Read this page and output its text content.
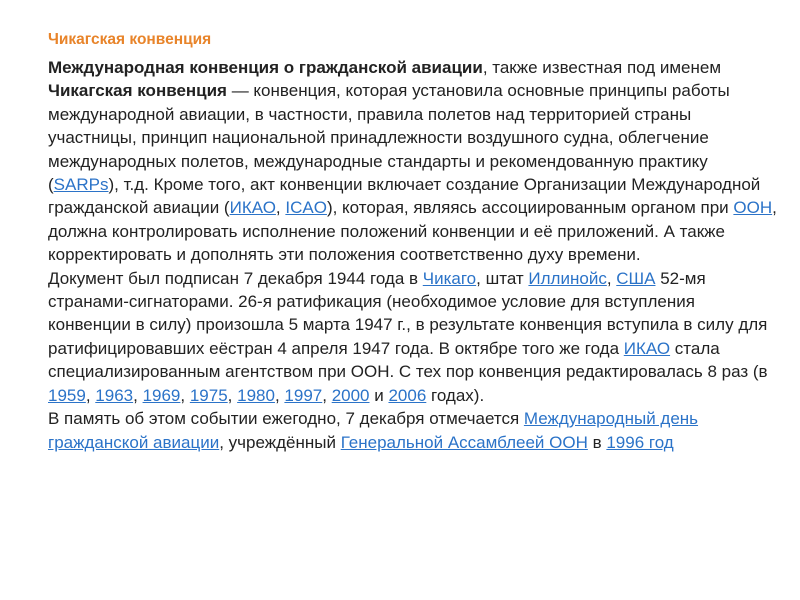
Чикагская конвенция

Международная конвенция о гражданской авиации, также известная под именем Чикагская конвенция — конвенция, которая установила основные принципы работы международной авиации, в частности, правила полетов над территорией страны участницы, принцип национальной принадлежности воздушного судна, облегчение международных полетов, международные стандарты и рекомендованную практику (SARPs), т.д. Кроме того, акт конвенции включает создание Организации Международной гражданской авиации (ИКАО, ICAO), которая, являясь ассоциированным органом при ООН, должна контролировать исполнение положений конвенции и её приложений. А также корректировать и дополнять эти положения соответственно духу времени.

Документ был подписан 7 декабря 1944 года в Чикаго, штат Иллинойс, США 52-мя странами-сигнаторами. 26-я ратификация (необходимое условие для вступления конвенции в силу) произошла 5 марта 1947 г., в результате конвенция вступила в силу для ратифицировавших еёстран 4 апреля 1947 года. В октябре того же года ИКАО стала специализированным агентством при ООН. С тех пор конвенция редактировалась 8 раз (в 1959, 1963, 1969, 1975, 1980, 1997, 2000 и 2006 годах).

В память об этом событии ежегодно, 7 декабря отмечается Международный день гражданской авиации, учреждённый Генеральной Ассамблеей ООН в 1996 год
